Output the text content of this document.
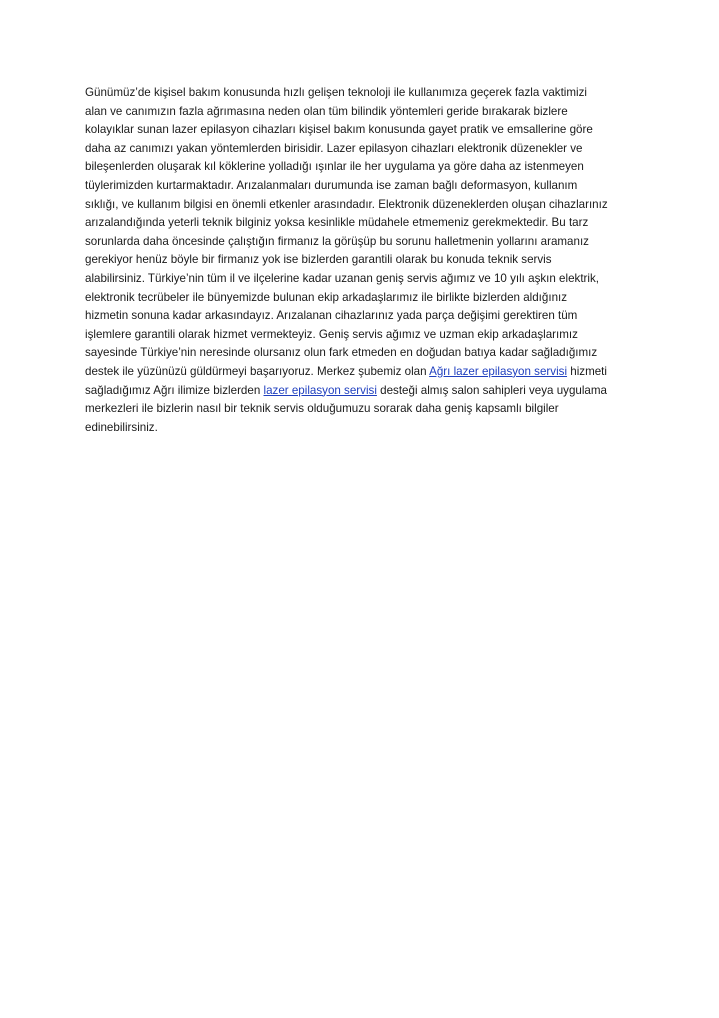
Günümüz’de kişisel bakım konusunda hızlı gelişen teknoloji ile kullanımıza geçerek fazla vaktimizi
alan ve canımızın fazla ağrımasına neden olan tüm bilindik yöntemleri geride bırakarak bizlere
kolayıklar sunan lazer epilasyon cihazları kişisel bakım konusunda gayet pratik ve emsallerine göre
daha az canımızı yakan yöntemlerden birisidir. Lazer epilasyon cihazları elektronik düzenekler ve
bileşenlerden oluşarak kıl köklerine yolladığı ışınlar ile her uygulama ya göre daha az istenmeyen
tüylerimizden kurtarmaktadır. Arızalanmaları durumunda ise zaman bağlı deformasyon, kullanım
sıklığı, ve kullanım bilgisi en önemli etkenler arasındadır. Elektronik düzeneklerden oluşan cihazlarınız
arızalandığında yeterli teknik bilginiz yoksa kesinlikle müdahele etmemeniz gerekmektedir. Bu tarz
sorunlarda daha öncesinde çalıştığın firmanız la görüşüp bu sorunu halletmenin yollarını aramanız
gerekiyor henüz böyle bir firmanız yok ise bizlerden garantili olarak bu konuda teknik servis
alabilirsiniz. Türkiye’nin tüm il ve ilçelerine kadar uzanan geniş servis ağımız ve 10 yılı aşkın elektrik,
elektronik tecrübeler ile bünyemizde bulunan ekip arkadaşlarımız ile birlikte bizlerden aldığınız
hizmetin sonuna kadar arkasındayız. Arızalanan cihazlarınız yada parça değişimi gerektiren tüm
işlemlere garantili olarak hizmet vermekteyiz. Geniş servis ağımız ve uzman ekip arkadaşlarımız
sayesinde Türkiye’nin neresinde olursanız olun fark etmeden en doğudan batıya kadar sağladığımız
destek ile yüzünüzü güldürmeyi başarıyoruz. Merkez şubemiz olan Ağrı lazer epilasyon servisi hizmeti
sağladığımız Ağrı ilimize bizlerden lazer epilasyon servisi desteği almış salon sahipleri veya uygulama
merkezleri ile bizlerin nasıl bir teknik servis olduğumuzu sorarak daha geniş kapsamlı bilgiler
edinebilirsiniz.
